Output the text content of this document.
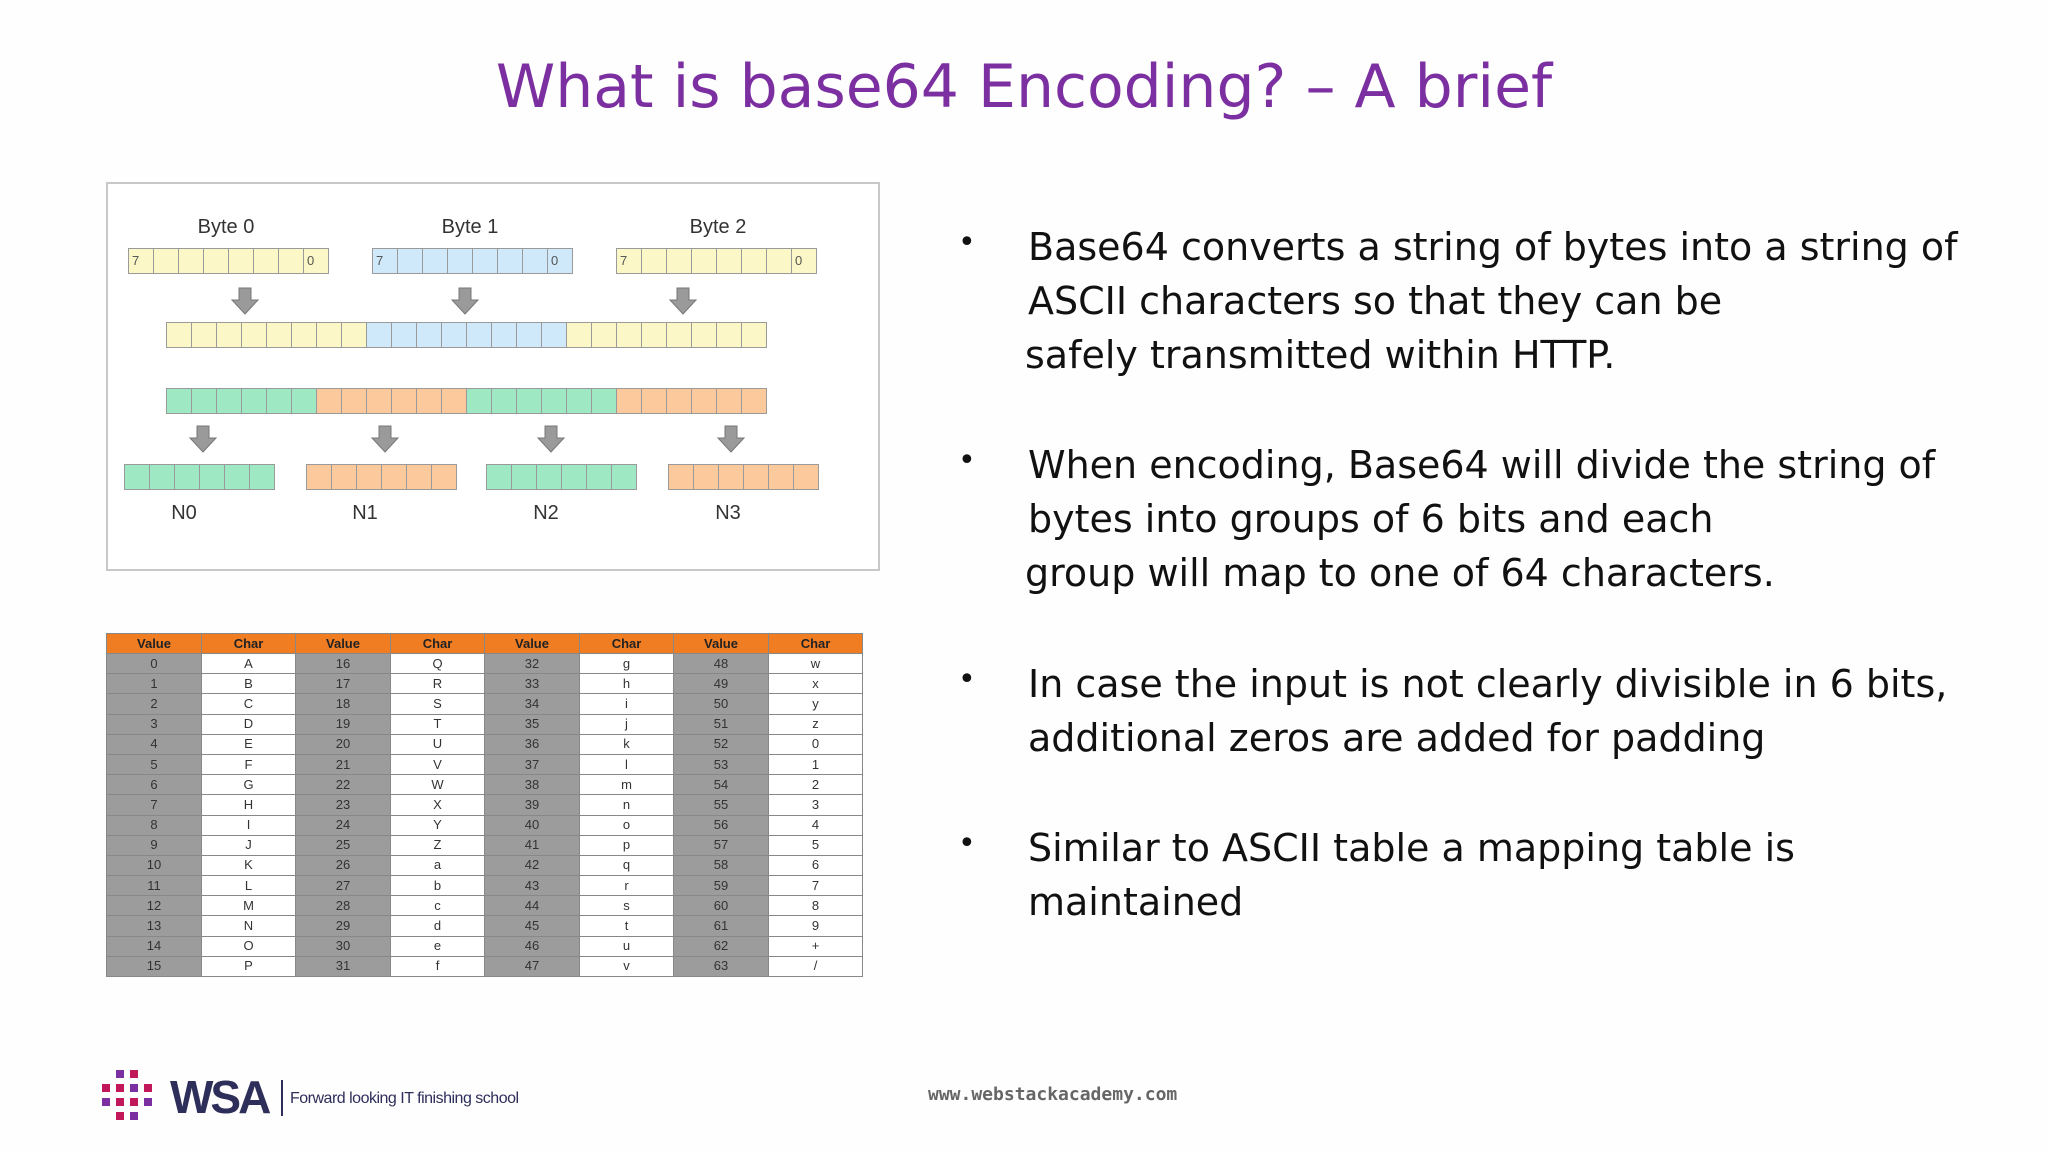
What is base64 Encoding? – A brief
Byte 0	Byte 1	Byte 2
7	0	7	0	7	0
N0	N1	N2	N3
Value	Char	Value	Char	Value	Char	Value	Char
0	A	16	Q	32	g	48	w
1	B	17	R	33	h	49	x
2	C	18	S	34	i	50	y
3	D	19	T	35	j	51	z
4	E	20	U	36	k	52	0
5	F	21	V	37	l	53	1
6	G	22	W	38	m	54	2
7	H	23	X	39	n	55	3
8	I	24	Y	40	o	56	4
9	J	25	Z	41	p	57	5
10	K	26	a	42	q	58	6
11	L	27	b	43	r	59	7
12	M	28	c	44	s	60	8
13	N	29	d	45	t	61	9
14	O	30	e	46	u	62	+
15	P	31	f	47	v	63	/
•	Base64 converts a string of bytes into a string of
ASCII characters so that they can be
safely transmitted within HTTP.
•	When encoding, Base64 will divide the string of
bytes into groups of 6 bits and each
group will map to one of 64 characters.
•	In case the input is not clearly divisible in 6 bits,
additional zeros are added for padding
•	Similar to ASCII table a mapping table is
maintained
WSA Forward looking IT finishing school	www.webstackacademy.com
